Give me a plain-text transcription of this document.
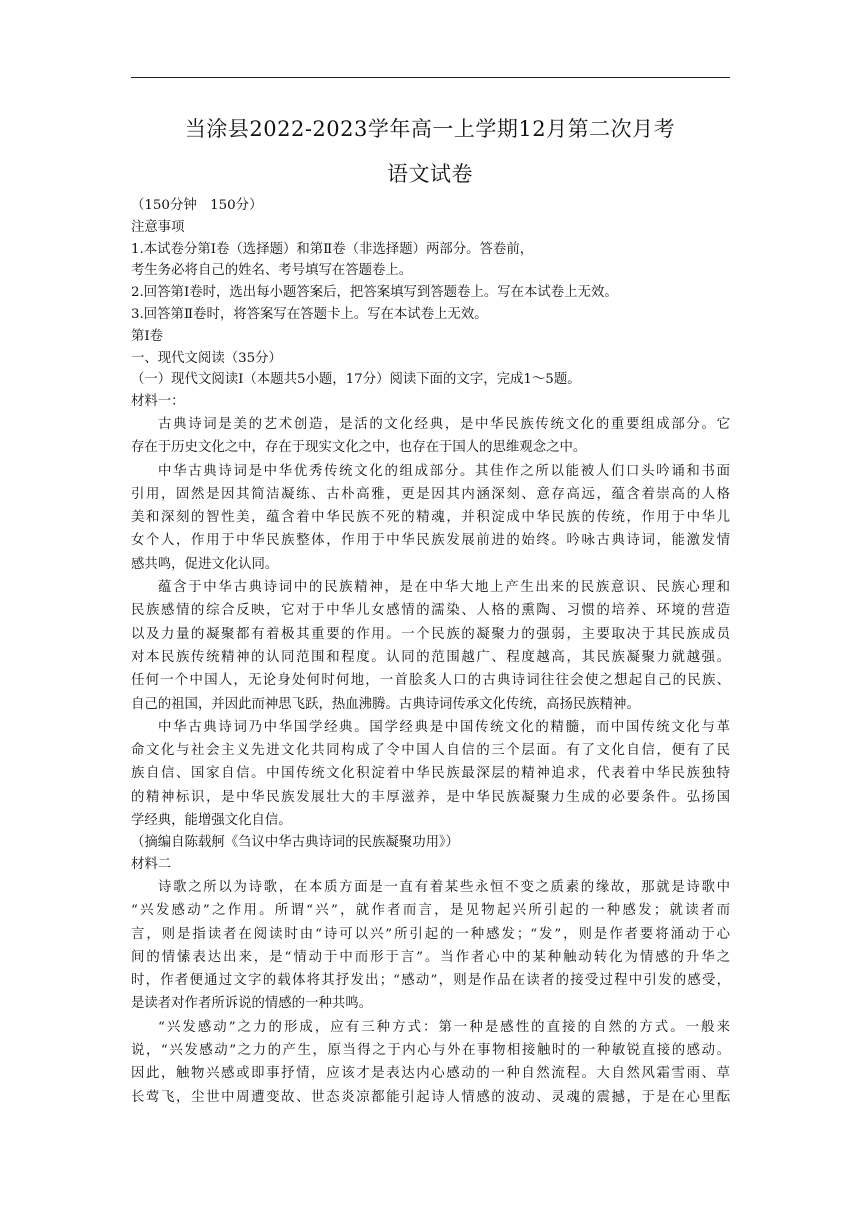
当涂县2022-2023学年高一上学期12月第二次月考
语文试卷
（150分钟　150分）
注意事项
1.本试卷分第Ⅰ卷（选择题）和第Ⅱ卷（非选择题）两部分。答卷前，
考生务必将自己的姓名、考号填写在答题卷上。
2.回答第Ⅰ卷时，选出每小题答案后，把答案填写到答题卷上。写在本试卷上无效。
3.回答第Ⅱ卷时，将答案写在答题卡上。写在本试卷上无效。
第Ⅰ卷
一、现代文阅读（35分）
（一）现代文阅读Ⅰ（本题共5小题，17分）阅读下面的文字，完成1～5题。
材料一：
古典诗词是美的艺术创造，是活的文化经典，是中华民族传统文化的重要组成部分。它
存在于历史文化之中，存在于现实文化之中，也存在于国人的思维观念之中。
中华古典诗词是中华优秀传统文化的组成部分。其佳作之所以能被人们口头吟诵和书面
引用，固然是因其简洁凝练、古朴高雅，更是因其内涵深刻、意存高远，蕴含着崇高的人格
美和深刻的智性美，蕴含着中华民族不死的精魂，并积淀成中华民族的传统，作用于中华儿
女个人，作用于中华民族整体，作用于中华民族发展前进的始终。吟咏古典诗词，能激发情
感共鸣，促进文化认同。
蕴含于中华古典诗词中的民族精神，是在中华大地上产生出来的民族意识、民族心理和
民族感情的综合反映，它对于中华儿女感情的濡染、人格的熏陶、习惯的培养、环境的营造
以及力量的凝聚都有着极其重要的作用。一个民族的凝聚力的强弱，主要取决于其民族成员
对本民族传统精神的认同范围和程度。认同的范围越广、程度越高，其民族凝聚力就越强。
任何一个中国人，无论身处何时何地，一首脍炙人口的古典诗词往往会使之想起自己的民族、
自己的祖国，并因此而神思飞跃，热血沸腾。古典诗词传承文化传统，高扬民族精神。
中华古典诗词乃中华国学经典。国学经典是中国传统文化的精髓，而中国传统文化与革
命文化与社会主义先进文化共同构成了令中国人自信的三个层面。有了文化自信，便有了民
族自信、国家自信。中国传统文化积淀着中华民族最深层的精神追求，代表着中华民族独特
的精神标识，是中华民族发展壮大的丰厚滋养，是中华民族凝聚力生成的必要条件。弘扬国
学经典，能增强文化自信。
（摘编自陈载舸《刍议中华古典诗词的民族凝聚功用》）
材料二
诗歌之所以为诗歌，在本质方面是一直有着某些永恒不变之质素的缘故，那就是诗歌中
“兴发感动”之作用。所谓“兴”，就作者而言，是见物起兴所引起的一种感发；就读者而
言，则是指读者在阅读时由“诗可以兴”所引起的一种感发；“发”，则是作者要将涌动于心
间的情愫表达出来，是“情动于中而形于言”。当作者心中的某种触动转化为情感的升华之
时，作者便通过文字的载体将其抒发出；“感动”，则是作品在读者的接受过程中引发的感受，
是读者对作者所诉说的情感的一种共鸣。
“兴发感动”之力的形成，应有三种方式：第一种是感性的直接的自然的方式。一般来
说，“兴发感动”之力的产生，原当得之于内心与外在事物相接触时的一种敏锐直接的感动。
因此，触物兴感或即事抒情，应该才是表达内心感动的一种自然流程。大自然风霜雪雨、草
长莺飞，尘世中周遭变故、世态炎凉都能引起诗人情感的波动、灵魂的震撼，于是在心里酝
